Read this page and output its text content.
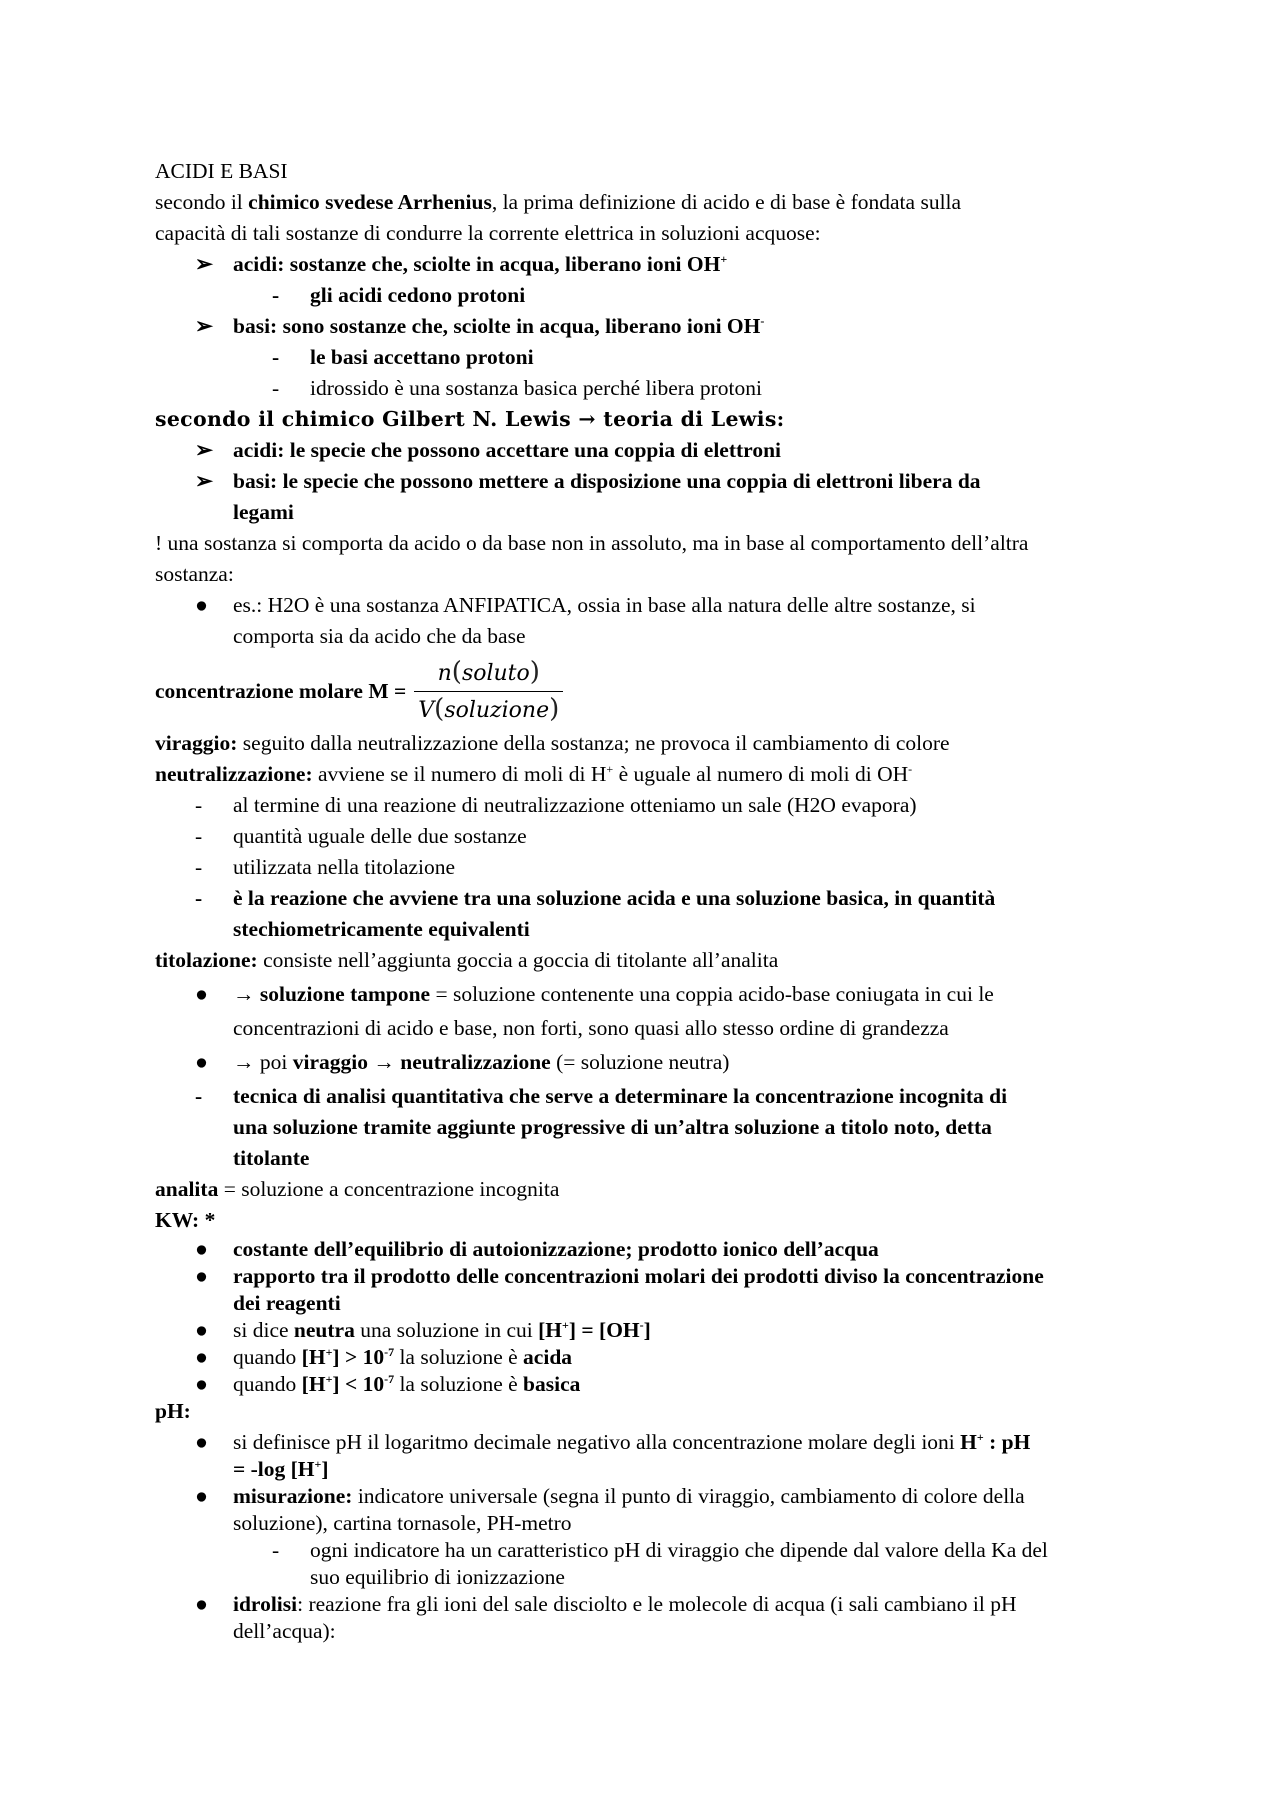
ACIDI E BASI

secondo il chimico svedese Arrhenius, la prima definizione di acido e di base è fondata sulla

capacità di tali sostanze di condurre la corrente elettrica in soluzioni acquose:

➢ acidi: sostanze che, sciolte in acqua, liberano ioni OH+

-	gli acidi cedono protoni

➢ basi: sono sostanze che, sciolte in acqua, liberano ioni OH-

-	le basi accettano protoni

-	idrossido è una sostanza basica perché libera protoni

secondo il chimico Gilbert N. Lewis → teoria di Lewis:

➢ acidi: le specie che possono accettare una coppia di elettroni

➢ basi: le specie che possono mettere a disposizione una coppia di elettroni libera da

legami

! una sostanza si comporta da acido o da base non in assoluto, ma in base al comportamento dell’altra

sostanza:

●	es.: H2O è una sostanza ANFIPATICA, ossia in base alla natura delle altre sostanze, si

comporta sia da acido che da base

concentrazione molare $M = \frac{\text{n(soluto)}}{\text{V(soluzione)}}$

viraggio: seguito dalla neutralizzazione della sostanza; ne provoca il cambiamento di colore

neutralizzazione: avviene se il numero di moli di H+ è uguale al numero di moli di OH-

-	al termine di una reazione di neutralizzazione otteniamo un sale (H2O evapora)

-	quantità uguale delle due sostanze

-	utilizzata nella titolazione

-	è la reazione che avviene tra una soluzione acida e una soluzione basica, in quantità

stechiometricamente equivalenti

titolazione: consiste nell’aggiunta goccia a goccia di titolante all’analita

●	→ soluzione tampone = soluzione contenente una coppia acido-base coniugata in cui le

concentrazioni di acido e base, non forti, sono quasi allo stesso ordine di grandezza

●	→ poi viraggio → neutralizzazione (= soluzione neutra)

-	tecnica di analisi quantitativa che serve a determinare la concentrazione incognita di

una soluzione tramite aggiunte progressive di un’altra soluzione a titolo noto, detta

titolante

analita = soluzione a concentrazione incognita

KW: *

●	costante dell’equilibrio di autoionizzazione; prodotto ionico dell’acqua

●	rapporto tra il prodotto delle concentrazioni molari dei prodotti diviso la concentrazione

dei reagenti

●	si dice neutra una soluzione in cui [H+] = [OH-]

●	quando $[H^+] > 10^{-7}$ la soluzione è acida

●	quando $[H^+] < 10^{-7}$ la soluzione è basica

pH:

●	si definisce pH il logaritmo decimale negativo alla concentrazione molare degli ioni H+ : pH

= -log [H+]

●	misurazione: indicatore universale (segna il punto di viraggio, cambiamento di colore della

soluzione), cartina tornasole, PH-metro

-	ogni indicatore ha un caratteristico pH di viraggio che dipende dal valore della Ka del

suo equilibrio di ionizzazione

●	idrolisi: reazione fra gli ioni del sale disciolto e le molecole di acqua (i sali cambiano il pH

dell’acqua):
